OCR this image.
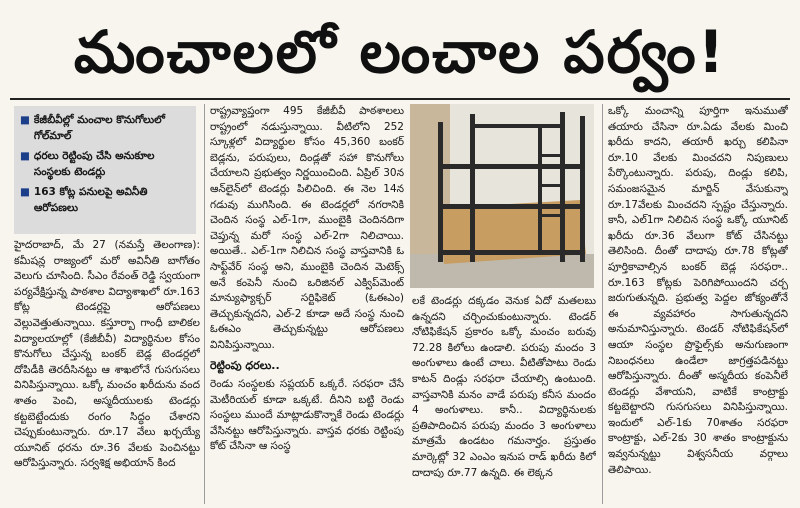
మంచాలలో లంచాల పర్వం!
■ కేజీబీవీల్లో మంచాల కొనుగోలులో గోల్‌మాల్
■ ధరలు రెట్టింపు చేసి అనుకూల సంస్థలకు టెండర్లు
■ 163 కోట్ల పనులపై అవినీతి ఆరోపణలు

హైదరాబాద్, మే 27 (నమస్తే తెలంగాణ): కమీషన్ల రాజ్యంలో మరో అవినీతి బాగోతం వెలుగు చూసింది. సీఎం రేవంత్ రెడ్డి స్వయంగా పర్యవేక్షిస్తున్న పాఠశాల విద్యాశాఖలో రూ.163 కోట్ల టెండర్లపై ఆరోపణలు వెల్లువెత్తుతున్నాయి. కస్తూర్బా గాంధీ బాలికల విద్యాలయాల్లో (కేజీబీవీ) విద్యార్థినుల కోసం కొనుగోలు చేస్తున్న బంకర్ బెడ్ల టెండర్లలో దోపిడీకి తెరదీసినట్టు ఆ శాఖలోనే గుసగుసలు వినిపిస్తున్నాయి. ఒక్కో మంచం ఖరీదును వంద శాతం పెంచి, అస్మదీయులకు టెండర్లు కట్టబెట్టేందుకు రంగం సిద్ధం చేశారని చెప్పుకుంటున్నారు. రూ.17 వేలు ఖర్చయ్యే యూనిట్ ధరను రూ.36 వేలకు పెంచినట్టు ఆరోపిస్తున్నారు. సర్వశిక్ష అభియాన్ కింద

రాష్ట్రవ్యాప్తంగా 495 కేజీబీవీ పాఠశాలలు రాష్ట్రంలో నడుస్తున్నాయి. వీటిలోని 252 స్కూళ్లలో విద్యార్థుల కోసం 45,360 బంకర్ బెడ్లను, పరుపులు, దిండ్లతో సహా కొనుగోలు చేయాలని ప్రభుత్వం నిర్ణయించింది. ఏప్రిల్ 30న ఆన్‌లైన్‌లో టెండర్లు పిలిచింది. ఈ నెల 14న గడువు ముగిసింది. ఈ టెండర్లలో నగరానికి చెందిన సంస్థ ఎల్-1గా, ముంబైకి చెందినదిగా చెప్తున్న మరో సంస్థ ఎల్-2గా నిలిచాయి. అయితే.. ఎల్-1గా నిలిచిన సంస్థ వాస్తవానికి ఓ సాఫ్ట్‌వేర్ సంస్థ అని, ముంబైకి చెందిన మెటెక్స్ అనే కంపెనీ నుంచి ఒరిజినల్ ఎక్విప్‌మెంట్ మాన్యుఫ్యాక్చర్ సర్టిఫికెట్ (ఓఈఎం) తెచ్చుకున్నదని, ఎల్-2 కూడా అదే సంస్థ నుంచి ఓఈఎం తెచ్చుకున్నట్టు ఆరోపణలు వినిపిస్తున్నాయి.

రెట్టింపు ధరలు..

రెండు సంస్థలకు సప్లయర్ ఒక్కరే. సరఫరా చేసే మెటీరియల్ కూడా ఒక్కటే. దీనిని బట్టి రెండు సంస్థలు ముందే మాట్లాడుకొన్నాకే రెండు టెండర్లు వేసినట్టు ఆరోపిస్తున్నారు. వాస్తవ ధరకు రెట్టింపు కోట్ చేసినా ఆ సంస్థ

లకే టెండర్లు దక్కడం వెనుక ఏదో మతలబు ఉన్నదని చర్చించుకుంటున్నారు. టెండర్ నోటిఫికేషన్ ప్రకారం ఒక్కో మంచం బరువు 72.28 కిలోలు ఉండాలి. పరుపు మందం 3 అంగుళాలు ఉంటే చాలు. వీటితోపాటు రెండు కాటన్ దిండ్లు సరఫరా చేయాల్సి ఉంటుంది. వాస్తవానికి మనం వాడే పరుపు కనీస మందం 4 అంగుళాలు. కానీ.. విద్యార్థినులకు ప్రతిపాదించిన పరుపు మందం 3 అంగుళాలు మాత్రమే ఉండటం గమనార్హం. ప్రస్తుతం మార్కెట్లో 32 ఎంఎం ఇనుప రాడ్ ఖరీదు కిలో దాదాపు రూ.77 ఉన్నది. ఈ లెక్కన

ఒక్కో మంచాన్ని పూర్తిగా ఇనుముతో తయారు చేసినా రూ.ఏడు వేలకు మించి ఖరీదు కాదని, తయారీ ఖర్చు కలిపినా రూ.10 వేలకు మించదని నిపుణులు పేర్కొంటున్నారు. పరుపు, దిండ్లు కలిపి, సమంజసమైన మార్జిన్ వేసుకున్నా రూ.17వేలకు మించదని స్పష్టం చేస్తున్నారు. కానీ, ఎల్1గా నిలిచిన సంస్థ ఒక్కో యూనిట్ ఖరీదు రూ.36 వేలుగా కోట్ చేసినట్టు తెలిసింది. దీంతో దాదాపు రూ.78 కోట్లతో పూర్తికావాల్సిన బంకర్ బెడ్ల సరఫరా.. రూ.163 కోట్లకు పెరిగిపోయిందని చర్చ జరుగుతున్నది. ప్రభుత్వ పెద్దల జోక్యంతోనే ఈ వ్యవహారం సాగుతున్నదని అనుమానిస్తున్నారు. టెండర్ నోటిఫికేషన్‌లో ఆయా సంస్థల ప్రొఫైల్స్‌కు అనుగుణంగా నిబంధనలు ఉండేలా జాగ్రత్తపడినట్టు ఆరోపిస్తున్నారు. దీంతో అస్మదీయ కంపెనీలే టెండర్లు వేశాయని, వాటికే కాంట్రాక్టు కట్టబెట్టారని గుసగుసలు వినిపిస్తున్నాయి. ఇందులో ఎల్-1కు 70శాతం సరఫరా కాంట్రాక్టు, ఎల్-2కు 30 శాతం కాంట్రాక్టును ఇవ్వనున్నట్టు విశ్వసనీయ వర్గాలు తెలిపాయి.
